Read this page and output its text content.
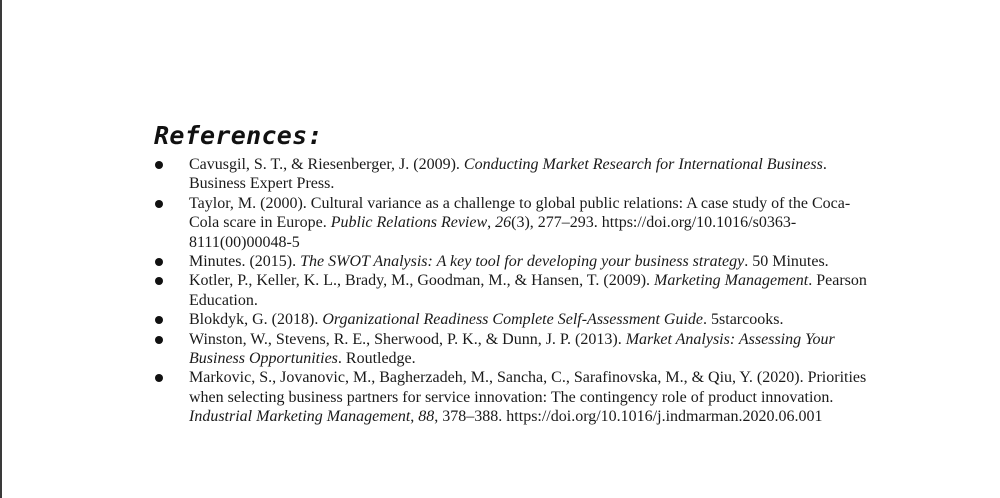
References:
Cavusgil, S. T., & Riesenberger, J. (2009). Conducting Market Research for International Business. Business Expert Press.
Taylor, M. (2000). Cultural variance as a challenge to global public relations: A case study of the Coca-Cola scare in Europe. Public Relations Review, 26(3), 277–293. https://doi.org/10.1016/s0363-8111(00)00048-5
Minutes. (2015). The SWOT Analysis: A key tool for developing your business strategy. 50 Minutes.
Kotler, P., Keller, K. L., Brady, M., Goodman, M., & Hansen, T. (2009). Marketing Management. Pearson Education.
Blokdyk, G. (2018). Organizational Readiness Complete Self-Assessment Guide. 5starcooks.
Winston, W., Stevens, R. E., Sherwood, P. K., & Dunn, J. P. (2013). Market Analysis: Assessing Your Business Opportunities. Routledge.
Markovic, S., Jovanovic, M., Bagherzadeh, M., Sancha, C., Sarafinovska, M., & Qiu, Y. (2020). Priorities when selecting business partners for service innovation: The contingency role of product innovation. Industrial Marketing Management, 88, 378–388. https://doi.org/10.1016/j.indmarman.2020.06.001
